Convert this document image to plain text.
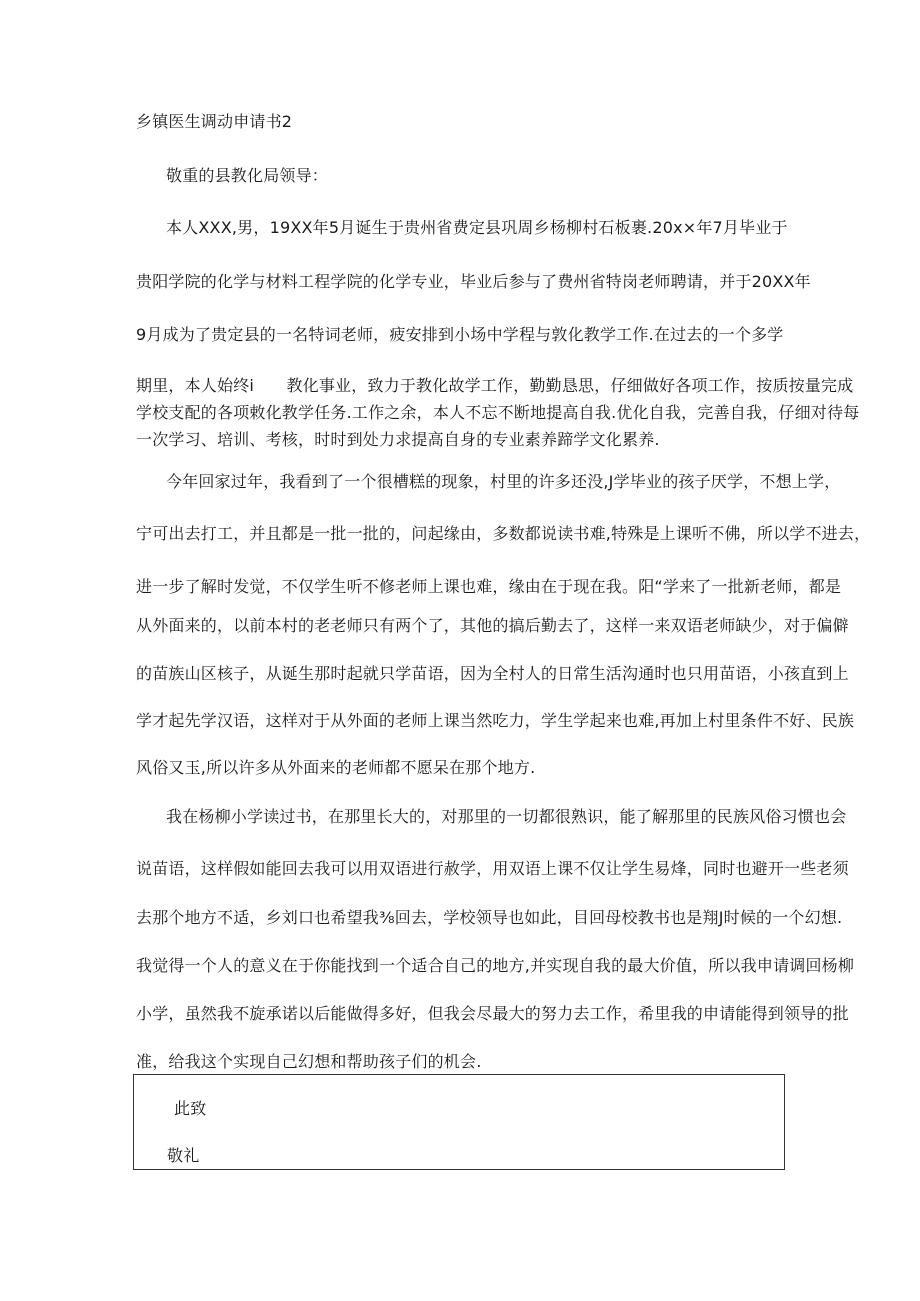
乡镇医生调动申请书2
敬重的县教化局领导：
本人XXX,男，19XX年5月诞生于贵州省费定县巩周乡杨柳村石板裹.20x×年7月毕业于
贵阳学院的化学与材料工程学院的化学专业，毕业后参与了费州省特岗老师聘请，并于20XX年
9月成为了贵定县的一名特词老师，疲安排到小场中学程与敦化教学工作.在过去的一个多学
期里，本人始终i　　教化事业，致力于教化故学工作，勤勤恳思，仔细做好各项工作，按质按量完成
学校支配的各项敕化教学任务.工作之余，本人不忘不断地提高自我.优化自我，完善自我，仔细对待每
一次学习、培训、考核，时时到处力求提高自身的专业素养蹄学文化累养.
今年回家过年，我看到了一个很槽糕的现象，村里的许多还没,J学毕业的孩子厌学，不想上学，
宁可出去打工，并且都是一批一批的，问起缘由，多数都说读书难,特殊是上课听不佛，所以学不进去，
进一步了解时发觉，不仅学生听不修老师上课也难，缘由在于现在我。阳“学来了一批新老师，都是
从外面来的，以前本村的老老师只有两个了，其他的搞后勤去了，这样一来双语老师缺少，对于偏僻
的苗族山区核子，从诞生那时起就只学苗语，因为全村人的日常生活沟通时也只用苗语，小孩直到上
学才起先学汉语，这样对于从外面的老师上课当然吃力，学生学起来也难,再加上村里条件不好、民族
风俗又玉,所以许多从外面来的老师都不愿呆在那个地方.
我在杨柳小学读过书，在那里长大的，对那里的一切都很熟识，能了解那里的民族风俗习惯也会
说苗语，这样假如能回去我可以用双语进行赦学，用双语上课不仅让学生易烽，同时也避开一些老须
去那个地方不适，乡刘口也希望我⅜回去，学校领导也如此，目回母校教书也是翔J时候的一个幻想.
我觉得一个人的意义在于你能找到一个适合自己的地方,并实现自我的最大价值，所以我申请调回杨柳
小学，虽然我不旋承诺以后能做得多好，但我会尽最大的努力去工作，希里我的申请能得到领导的批
准，给我这个实现自己幻想和帮助孩子们的机会.
此致
敬礼
